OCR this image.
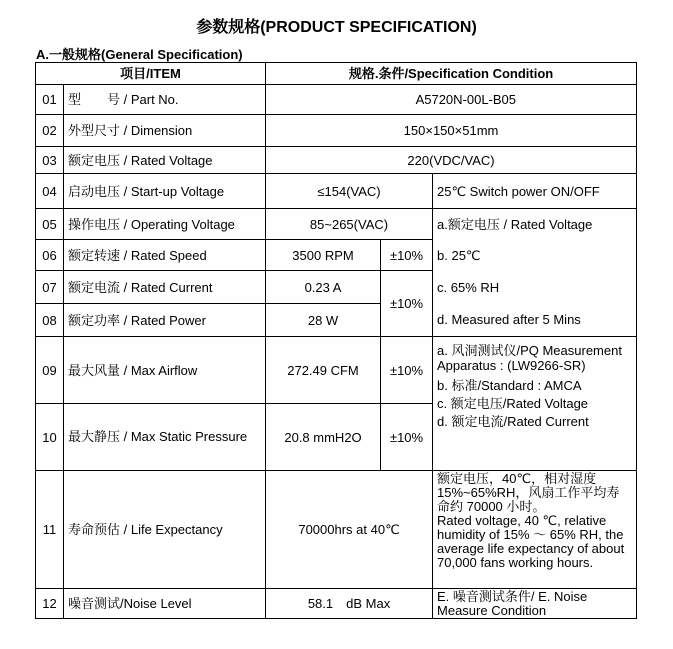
参数规格(PRODUCT SPECIFICATION)
A.一般规格(General Specification)
项目/ITEM		规格.条件/Specification Condition		
01	型　　号 / Part No.	A5720N-00L-B05		
02	外型尺寸 / Dimension	150×150×51mm		
03	额定电压 / Rated Voltage	220(VDC/VAC)		
04	启动电压 / Start-up Voltage	≤154(VAC)		25℃ Switch power ON/OFF
05	操作电压 / Operating Voltage	85~265(VAC)		a.额定电压 / Rated Voltage
06	额定转速 / Rated Speed	3500 RPM	±10%	b. 25℃
07	额定电流 / Rated Current	0.23 A	±10%	c. 65% RH
08	额定功率 / Rated Power	28 W		d. Measured after 5 Mins
09	最大风量 / Max Airflow	272.49 CFM	±10%	a. 风洞测试仪/PQ Measurement Apparatus : (LW9266-SR)
b. 标准/Standard : AMCA
c. 额定电压/Rated Voltage
d. 额定电流/Rated Current

10	最大静压 / Max Static Pressure	20.8 mmH2O	±10%	
11	寿命预估 / Life Expectancy	70000hrs at 40℃		额定电压，40℃，相对湿度15%~65%RH，风扇工作平均寿命约 70000 小时。
Rated voltage, 40 ℃, relative humidity of 15% ～ 65% RH, the average life expectancy of about 70,000 fans working hours.

12	噪音测试/Noise Level	58.1　dB Max		E. 噪音测试条件/ E. Noise Measure Condition
